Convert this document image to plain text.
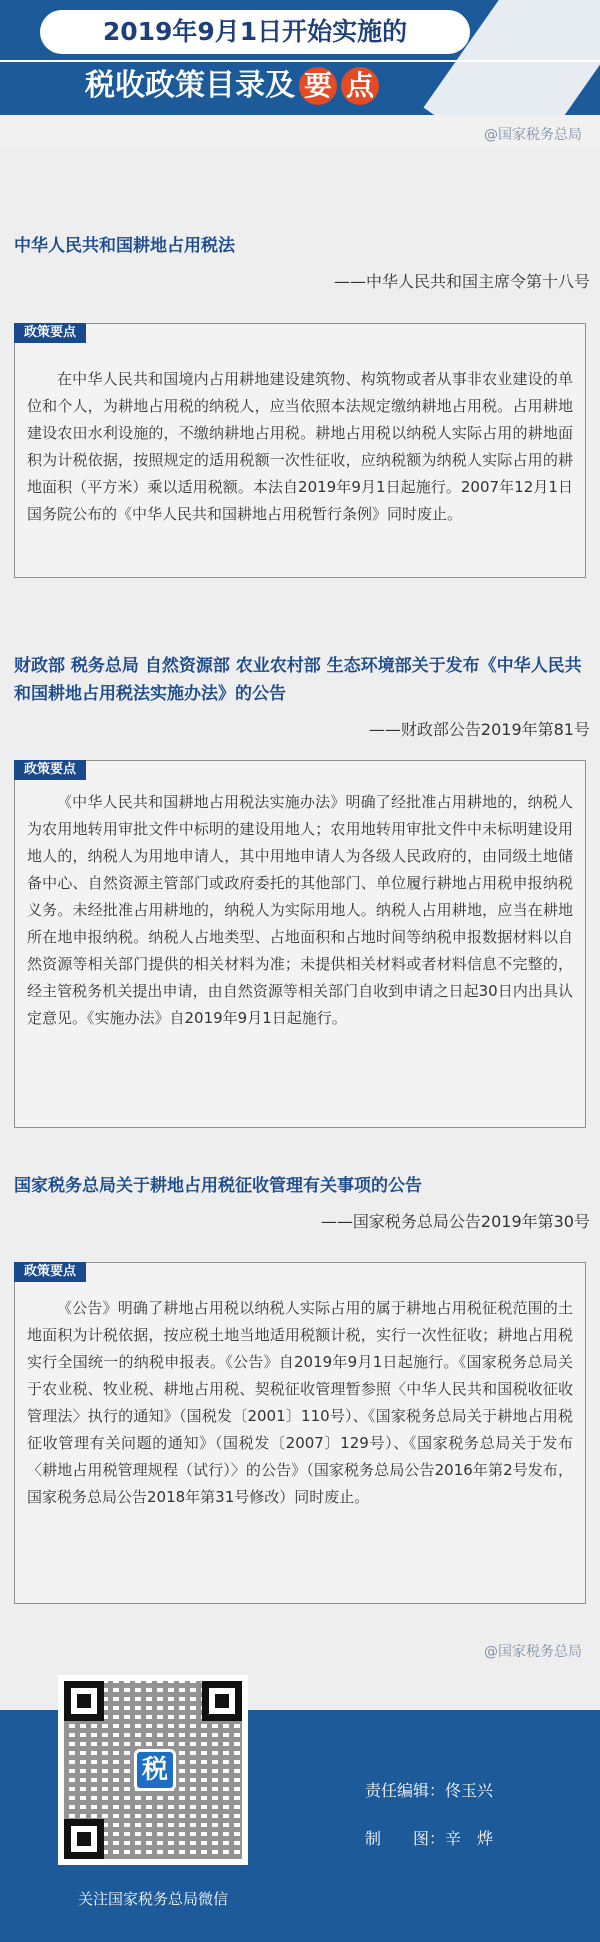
2019年9月1日开始实施的
税收政策目录及 要 点
@国家税务总局
中华人民共和国耕地占用税法
——中华人民共和国主席令第十八号
政策要点
在中华人民共和国境内占用耕地建设建筑物、构筑物或者从事非农业建设的单位和个人，为耕地占用税的纳税人，应当依照本法规定缴纳耕地占用税。占用耕地建设农田水利设施的，不缴纳耕地占用税。耕地占用税以纳税人实际占用的耕地面积为计税依据，按照规定的适用税额一次性征收，应纳税额为纳税人实际占用的耕地面积（平方米）乘以适用税额。本法自2019年9月1日起施行。2007年12月1日国务院公布的《中华人民共和国耕地占用税暂行条例》同时废止。
财政部 税务总局 自然资源部 农业农村部 生态环境部关于发布《中华人民共和国耕地占用税法实施办法》的公告
——财政部公告2019年第81号
政策要点
《中华人民共和国耕地占用税法实施办法》明确了经批准占用耕地的，纳税人为农用地转用审批文件中标明的建设用地人；农用地转用审批文件中未标明建设用地人的，纳税人为用地申请人，其中用地申请人为各级人民政府的，由同级土地储备中心、自然资源主管部门或政府委托的其他部门、单位履行耕地占用税申报纳税义务。未经批准占用耕地的，纳税人为实际用地人。纳税人占用耕地，应当在耕地所在地申报纳税。纳税人占地类型、占地面积和占地时间等纳税申报数据材料以自然资源等相关部门提供的相关材料为准；未提供相关材料或者材料信息不完整的，经主管税务机关提出申请，由自然资源等相关部门自收到申请之日起30日内出具认定意见。《实施办法》自2019年9月1日起施行。
国家税务总局关于耕地占用税征收管理有关事项的公告
——国家税务总局公告2019年第30号
政策要点
《公告》明确了耕地占用税以纳税人实际占用的属于耕地占用税征税范围的土地面积为计税依据，按应税土地当地适用税额计税，实行一次性征收；耕地占用税实行全国统一的纳税申报表。《公告》自2019年9月1日起施行。《国家税务总局关于农业税、牧业税、耕地占用税、契税征收管理暂参照〈中华人民共和国税收征收管理法〉执行的通知》（国税发〔2001〕110号）、《国家税务总局关于耕地占用税征收管理有关问题的通知》（国税发〔2007〕129号）、《国家税务总局关于发布〈耕地占用税管理规程（试行）〉的公告》（国家税务总局公告2016年第2号发布，国家税务总局公告2018年第31号修改）同时废止。
@国家税务总局
税
关注国家税务总局微信
责任编辑：佟玉兴
制　　图：辛　烨
